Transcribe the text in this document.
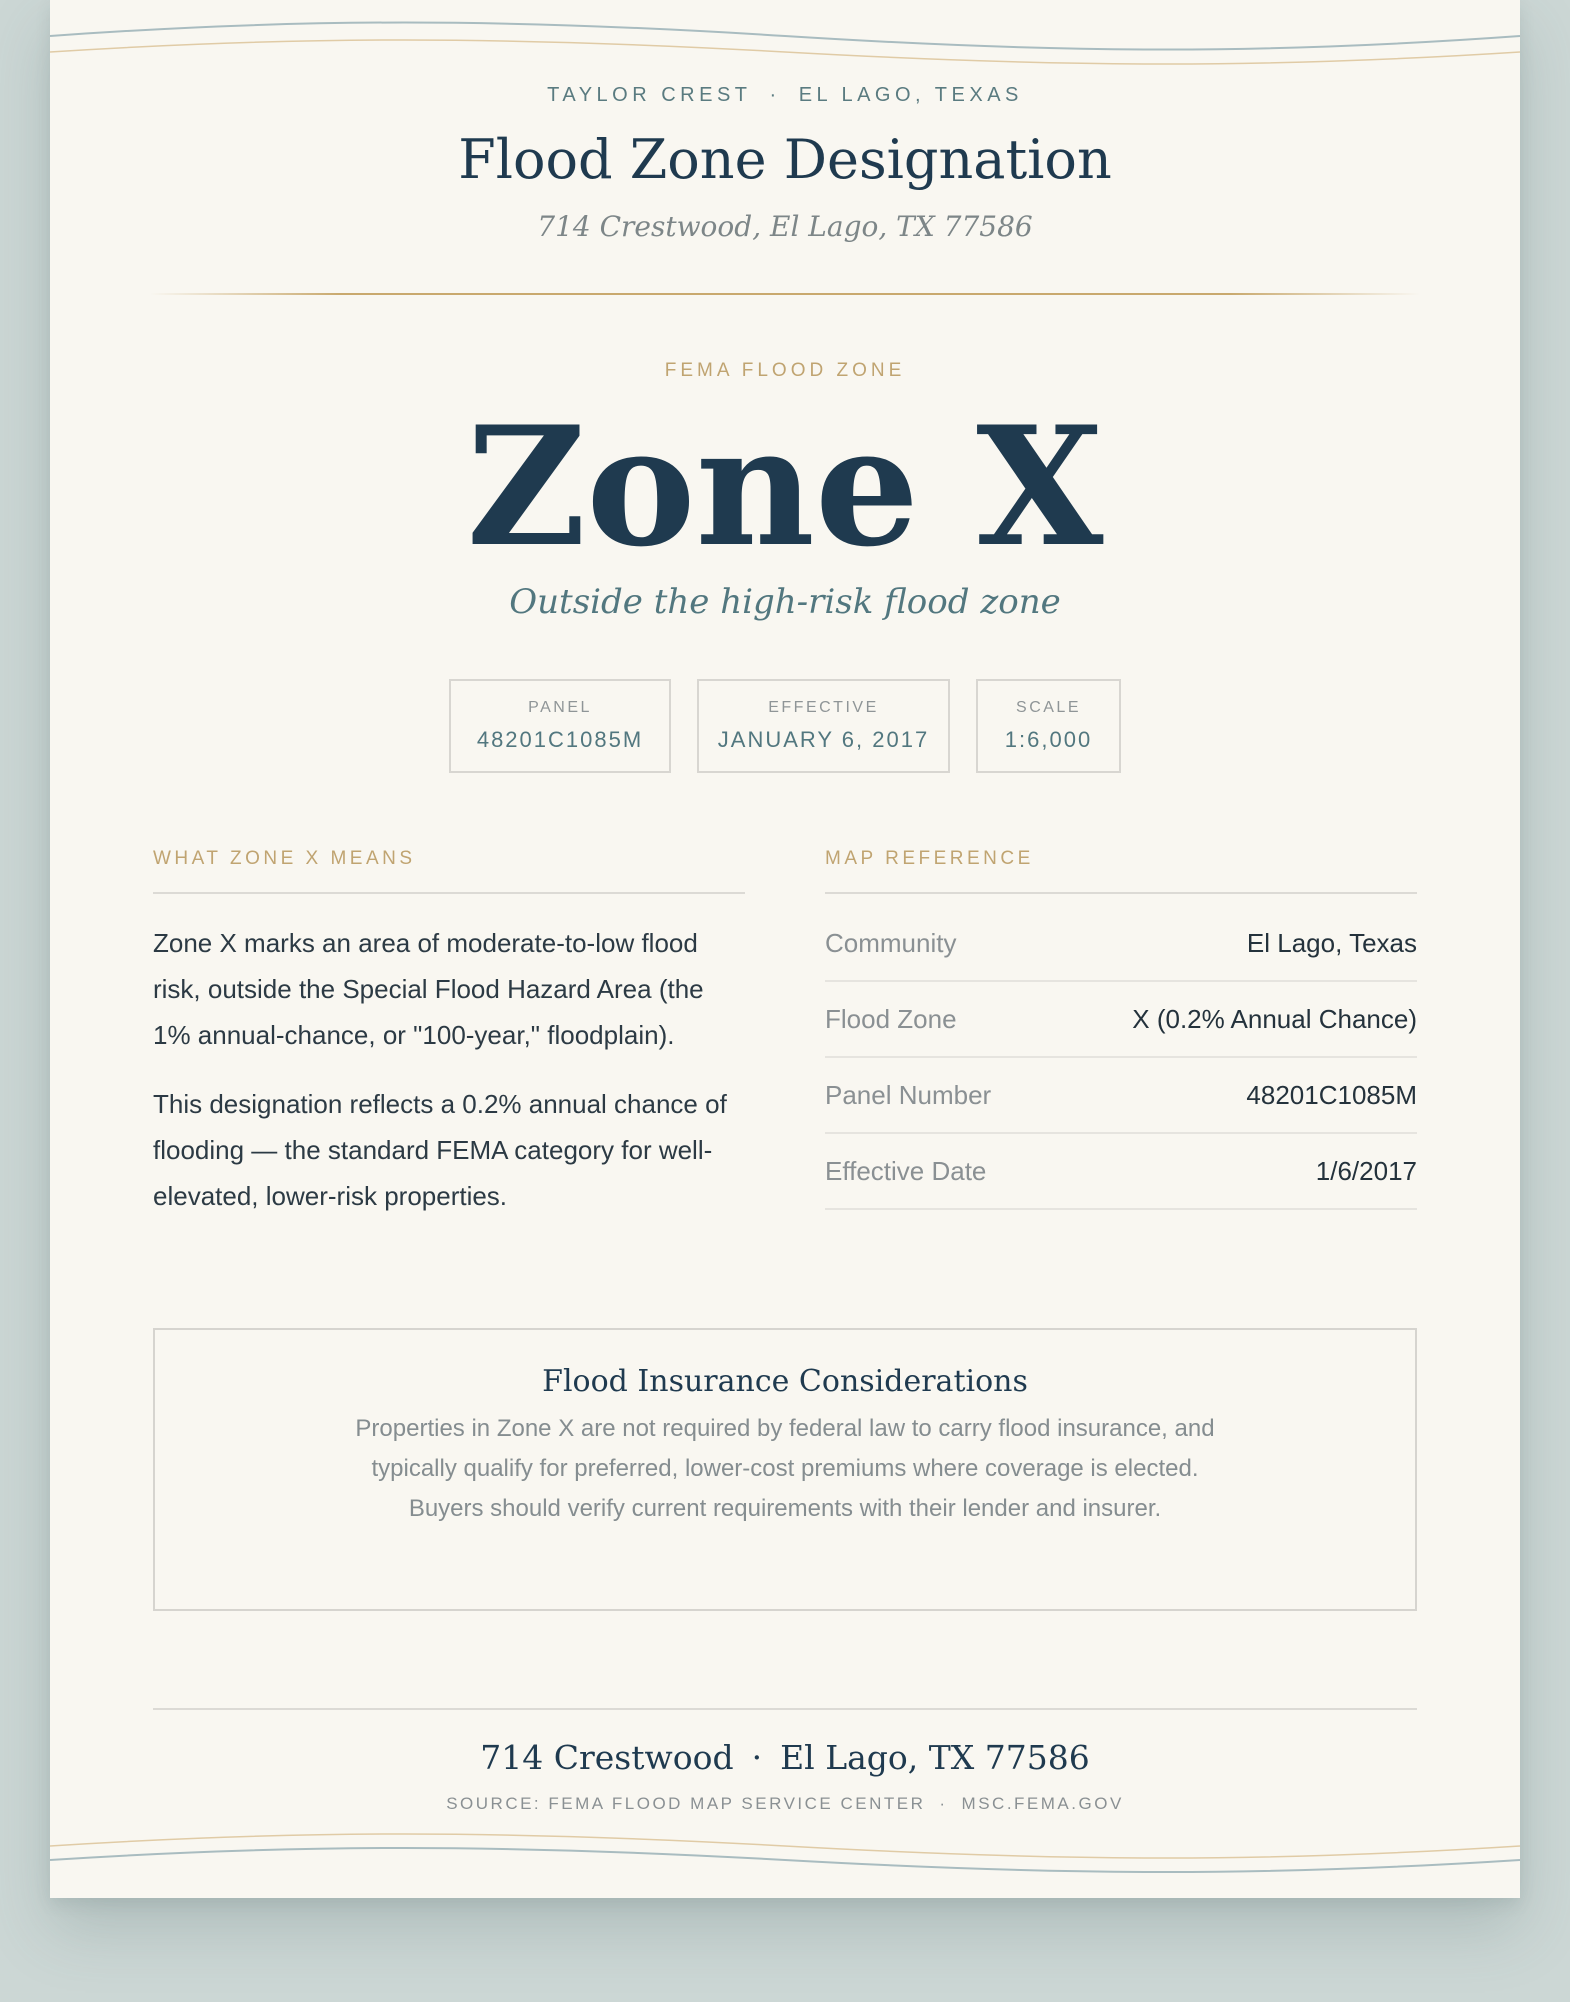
TAYLOR CREST · EL LAGO, TEXAS
Flood Zone Designation
714 Crestwood, El Lago, TX 77586
FEMA FLOOD ZONE
Zone X
Outside the high-risk flood zone
PANEL
48201C1085M
EFFECTIVE
JANUARY 6, 2017
SCALE
1:6,000
WHAT ZONE X MEANS

Zone X marks an area of moderate-to-low flood risk, outside the Special Flood Hazard Area (the 1% annual-chance, or "100-year," floodplain).

This designation reflects a 0.2% annual chance of flooding — the standard FEMA category for well-elevated, lower-risk properties.

MAP REFERENCE
Community	El Lago, Texas
Flood Zone	X (0.2% Annual Chance)
Panel Number	48201C1085M
Effective Date	1/6/2017
Flood Insurance Considerations
Properties in Zone X are not required by federal law to carry flood insurance, and typically qualify for preferred, lower-cost premiums where coverage is elected. Buyers should verify current requirements with their lender and insurer.
714 Crestwood · El Lago, TX 77586
SOURCE: FEMA FLOOD MAP SERVICE CENTER · MSC.FEMA.GOV
